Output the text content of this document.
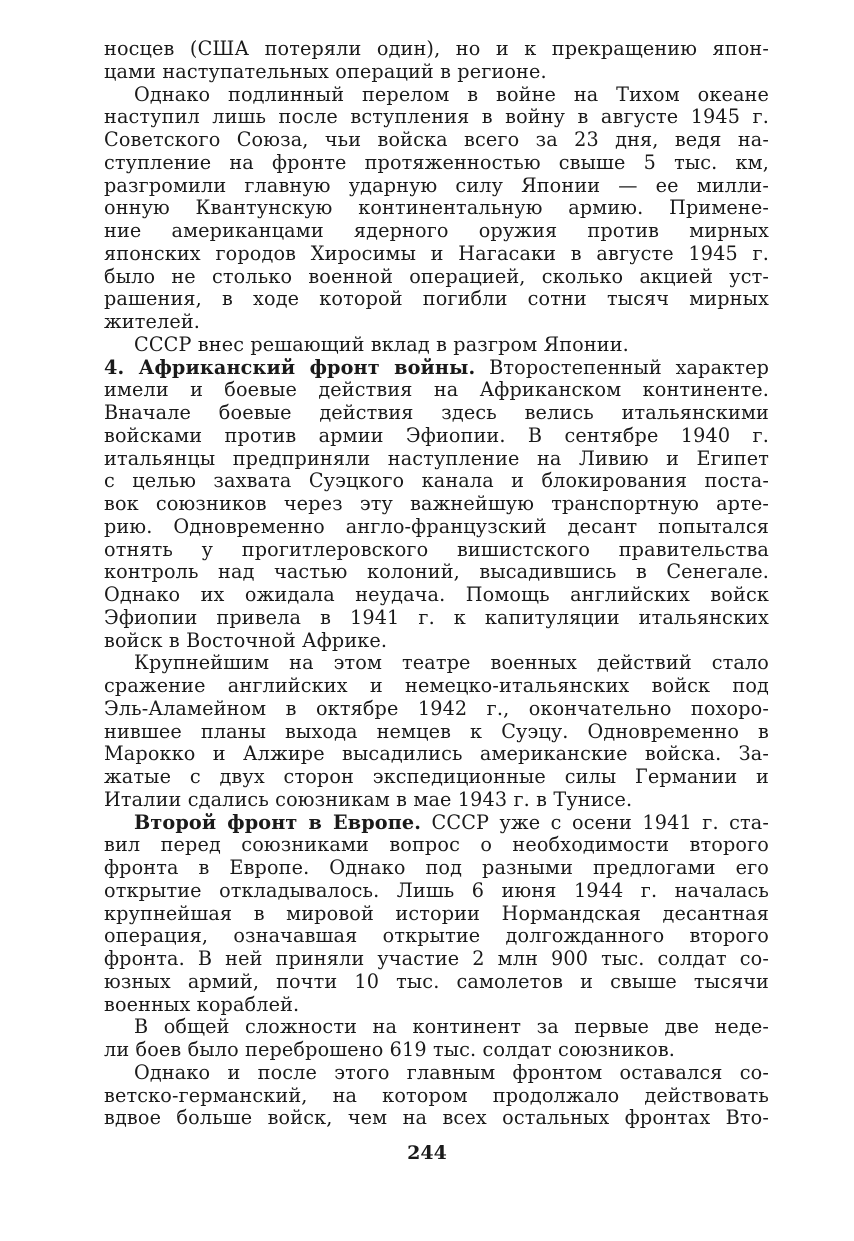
носцев (США потеряли один), но и к прекращению япон-
цами наступательных операций в регионе.
Однако подлинный перелом в войне на Тихом океане
наступил лишь после вступления в войну в августе 1945 г.
Советского Союза, чьи войска всего за 23 дня, ведя на-
ступление на фронте протяженностью свыше 5 тыс. км,
разгромили главную ударную силу Японии — ее милли-
онную Квантунскую континентальную армию. Примене-
ние американцами ядерного оружия против мирных
японских городов Хиросимы и Нагасаки в августе 1945 г.
было не столько военной операцией, сколько акцией уст-
рашения, в ходе которой погибли сотни тысяч мирных
жителей.
СССР внес решающий вклад в разгром Японии.
4. Африканский фронт войны. Второстепенный характер
имели и боевые действия на Африканском континенте.
Вначале боевые действия здесь велись итальянскими
войсками против армии Эфиопии. В сентябре 1940 г.
итальянцы предприняли наступление на Ливию и Египет
с целью захвата Суэцкого канала и блокирования поста-
вок союзников через эту важнейшую транспортную арте-
рию. Одновременно англо-французский десант попытался
отнять у прогитлеровского вишистского правительства
контроль над частью колоний, высадившись в Сенегале.
Однако их ожидала неудача. Помощь английских войск
Эфиопии привела в 1941 г. к капитуляции итальянских
войск в Восточной Африке.
Крупнейшим на этом театре военных действий стало
сражение английских и немецко-итальянских войск под
Эль-Аламейном в октябре 1942 г., окончательно похоро-
нившее планы выхода немцев к Суэцу. Одновременно в
Марокко и Алжире высадились американские войска. За-
жатые с двух сторон экспедиционные силы Германии и
Италии сдались союзникам в мае 1943 г. в Тунисе.
Второй фронт в Европе. СССР уже с осени 1941 г. ста-
вил перед союзниками вопрос о необходимости второго
фронта в Европе. Однако под разными предлогами его
открытие откладывалось. Лишь 6 июня 1944 г. началась
крупнейшая в мировой истории Нормандская десантная
операция, означавшая открытие долгожданного второго
фронта. В ней приняли участие 2 млн 900 тыс. солдат со-
юзных армий, почти 10 тыс. самолетов и свыше тысячи
военных кораблей.
В общей сложности на континент за первые две неде-
ли боев было переброшено 619 тыс. солдат союзников.
Однако и после этого главным фронтом оставался со-
ветско-германский, на котором продолжало действовать
вдвое больше войск, чем на всех остальных фронтах Вто-
244
